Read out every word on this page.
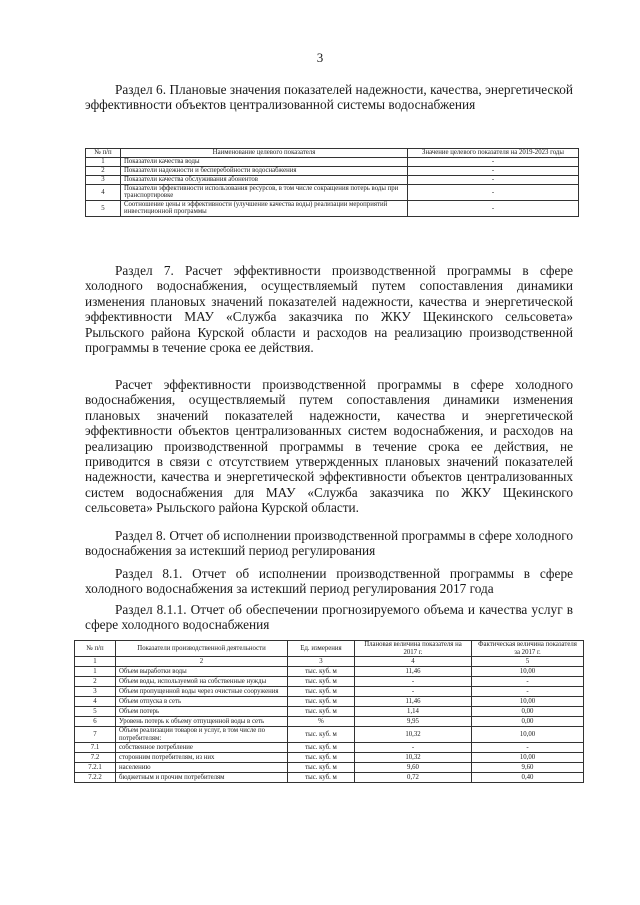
3

Раздел 6. Плановые значения показателей надежности, качества, энергетической эффективности объектов централизованной системы водоснабжения

№ п/п	Наименование целевого показателя	Значение целевого показателя на 2019-2023 годы
1	Показатели качества воды	-
2	Показатели надежности и бесперебойности водоснабжения	-
3	Показатели качества обслуживания абонентов	-
4	Показатели эффективности использования ресурсов, в том числе сокращения потерь воды при транспортировке	-
5	Соотношение цены и эффективности (улучшение качества воды) реализации мероприятий инвестиционной программы	-

Раздел 7. Расчет эффективности производственной программы в сфере холодного водоснабжения, осуществляемый путем сопоставления динамики изменения плановых значений показателей надежности, качества и энергетической эффективности МАУ «Служба заказчика по ЖКУ Щекинского сельсовета» Рыльского района Курской области и расходов на реализацию производственной программы в течение срока ее действия.

Расчет эффективности производственной программы в сфере холодного водоснабжения, осуществляемый путем сопоставления динамики изменения плановых значений показателей надежности, качества и энергетической эффективности объектов централизованных систем водоснабжения, и расходов на реализацию производственной программы в течение срока ее действия, не приводится в связи с отсутствием утвержденных плановых значений показателей надежности, качества и энергетической эффективности объектов централизованных систем водоснабжения для МАУ «Служба заказчика по ЖКУ Щекинского сельсовета» Рыльского района Курской области.

Раздел 8. Отчет об исполнении производственной программы в сфере холодного водоснабжения за истекший период регулирования

Раздел 8.1. Отчет об исполнении производственной программы в сфере холодного водоснабжения за истекший период регулирования 2017 года

Раздел 8.1.1. Отчет об обеспечении прогнозируемого объема и качества услуг в сфере холодного водоснабжения

№ п/п	Показатели производственной деятельности	Ед. измерения	Плановая величина показателя на 2017 г.	Фактическая величина показателя за 2017 г.
1	2	3	4	5
1	Объем выработки воды	тыс. куб. м	11,46	10,00
2	Объем воды, используемой на собственные нужды	тыс. куб. м	-	-
3	Объем пропущенной воды через очистные сооружения	тыс. куб. м	-	-
4	Объем отпуска в сеть	тыс. куб. м	11,46	10,00
5	Объем потерь	тыс. куб. м	1,14	0,00
6	Уровень потерь к объему отпущенной воды в сеть	%	9,95	0,00
7	Объем реализации товаров и услуг, в том числе по потребителям:	тыс. куб. м	10,32	10,00
7.1	собственное потребление	тыс. куб. м	-	-
7.2	сторонним потребителям, из них	тыс. куб. м	10,32	10,00
7.2.1	населению	тыс. куб. м	9,60	9,60
7.2.2	бюджетным и прочим потребителям	тыс. куб. м	0,72	0,40
